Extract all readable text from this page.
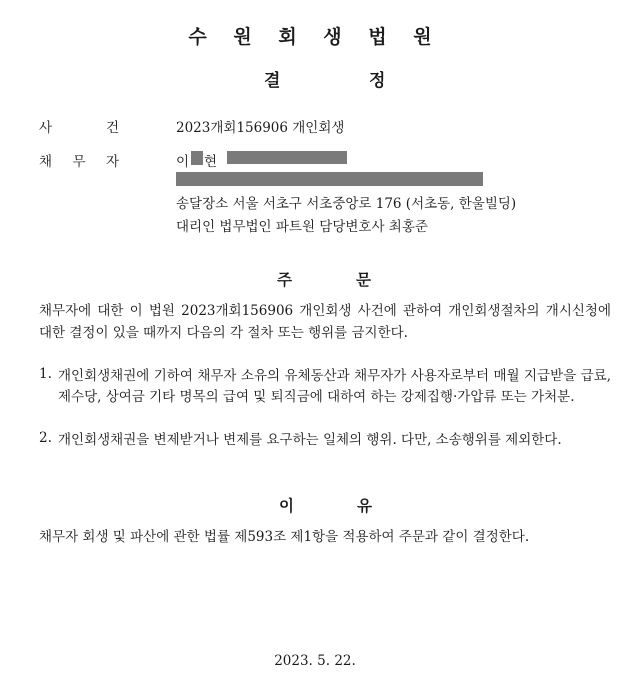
수 원 회 생 법 원
결	정
사 건	2023개회156906 개인회생
채 무 자	이 현
송달장소 서울 서초구 서초중앙로 176 (서초동, 한울빌딩)
대리인 법무법인 파트원 담당변호사 최홍준
주	문
채무자에 대한 이 법원 2023개회156906 개인회생 사건에 관하여 개인회생절차의 개시신청에 대한 결정이 있을 때까지 다음의 각 절차 또는 행위를 금지한다.
1. 개인회생채권에 기하여 채무자 소유의 유체동산과 채무자가 사용자로부터 매월 지급받을 급료, 제수당, 상여금 기타 명목의 급여 및 퇴직금에 대하여 하는 강제집행·가압류 또는 가처분.
2. 개인회생채권을 변제받거나 변제를 요구하는 일체의 행위. 다만, 소송행위를 제외한다.
이	유
채무자 회생 및 파산에 관한 법률 제593조 제1항을 적용하여 주문과 같이 결정한다.
2023. 5. 22.
